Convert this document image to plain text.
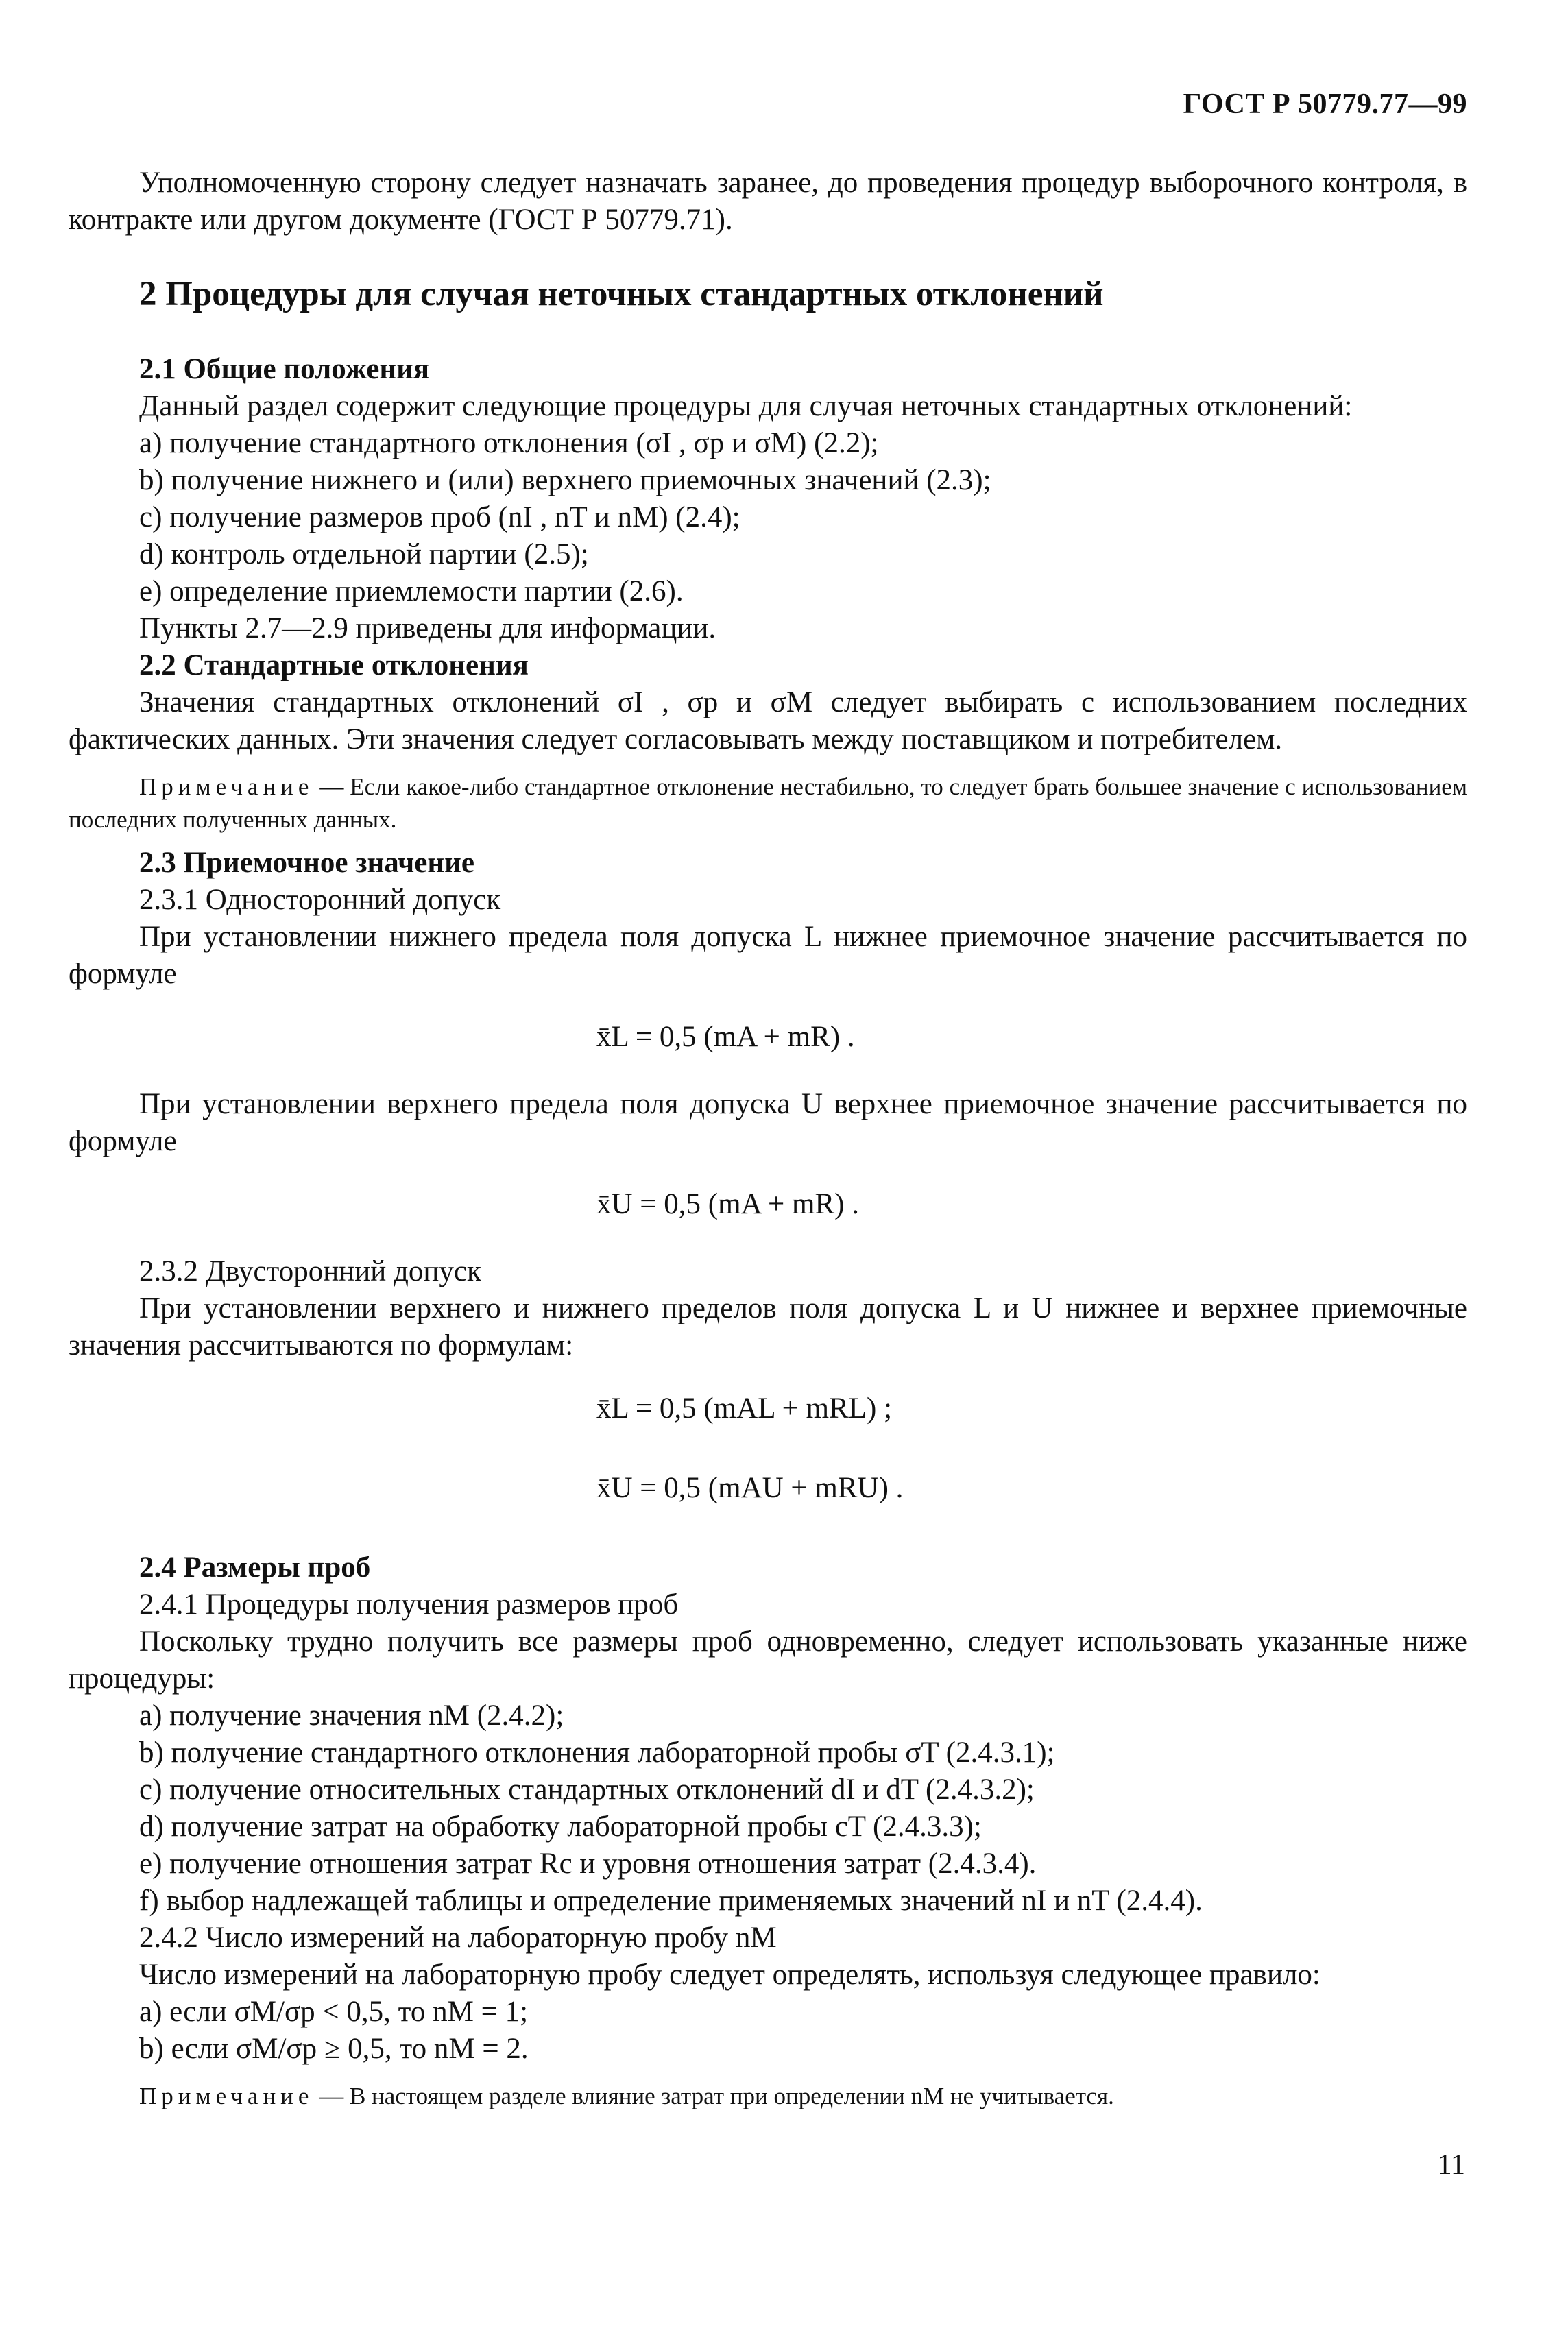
ГОСТ Р 50779.77—99

Уполномоченную сторону следует назначать заранее, до проведения процедур выборочного контроля, в контракте или другом документе (ГОСТ Р 50779.71).

2 Процедуры для случая неточных стандартных отклонений

2.1 Общие положения

Данный раздел содержит следующие процедуры для случая неточных стандартных отклонений:

a) получение стандартного отклонения (σI , σp и σM) (2.2);

b) получение нижнего и (или) верхнего приемочных значений (2.3);

c) получение размеров проб (nI , nT и nM) (2.4);

d) контроль отдельной партии (2.5);

e) определение приемлемости партии (2.6).

Пункты 2.7—2.9 приведены для информации.

2.2 Стандартные отклонения

Значения стандартных отклонений σI , σp и σM следует выбирать с использованием последних фактических данных. Эти значения следует согласовывать между поставщиком и потребителем.

Примечание — Если какое-либо стандартное отклонение нестабильно, то следует брать большее значение с использованием последних полученных данных.

2.3 Приемочное значение

2.3.1 Односторонний допуск

При установлении нижнего предела поля допуска L нижнее приемочное значение рассчитывается по формуле

x̄L = 0,5 (mA + mR) .

При установлении верхнего предела поля допуска U верхнее приемочное значение рассчитывается по формуле

x̄U = 0,5 (mA + mR) .

2.3.2 Двусторонний допуск

При установлении верхнего и нижнего пределов поля допуска L и U нижнее и верхнее приемочные значения рассчитываются по формулам:

x̄L = 0,5 (mAL + mRL) ;
x̄U = 0,5 (mAU + mRU) .

2.4 Размеры проб

2.4.1 Процедуры получения размеров проб

Поскольку трудно получить все размеры проб одновременно, следует использовать указанные ниже процедуры:

a) получение значения nM (2.4.2);

b) получение стандартного отклонения лабораторной пробы σT (2.4.3.1);

c) получение относительных стандартных отклонений dI и dT (2.4.3.2);

d) получение затрат на обработку лабораторной пробы cT (2.4.3.3);

e) получение отношения затрат Rc и уровня отношения затрат (2.4.3.4).

f) выбор надлежащей таблицы и определение применяемых значений nI и nT (2.4.4).

2.4.2 Число измерений на лабораторную пробу nM

Число измерений на лабораторную пробу следует определять, используя следующее правило:

a) если σM/σp < 0,5, то nM = 1;

b) если σM/σp ≥ 0,5, то nM = 2.

Примечание — В настоящем разделе влияние затрат при определении nM не учитывается.

11
